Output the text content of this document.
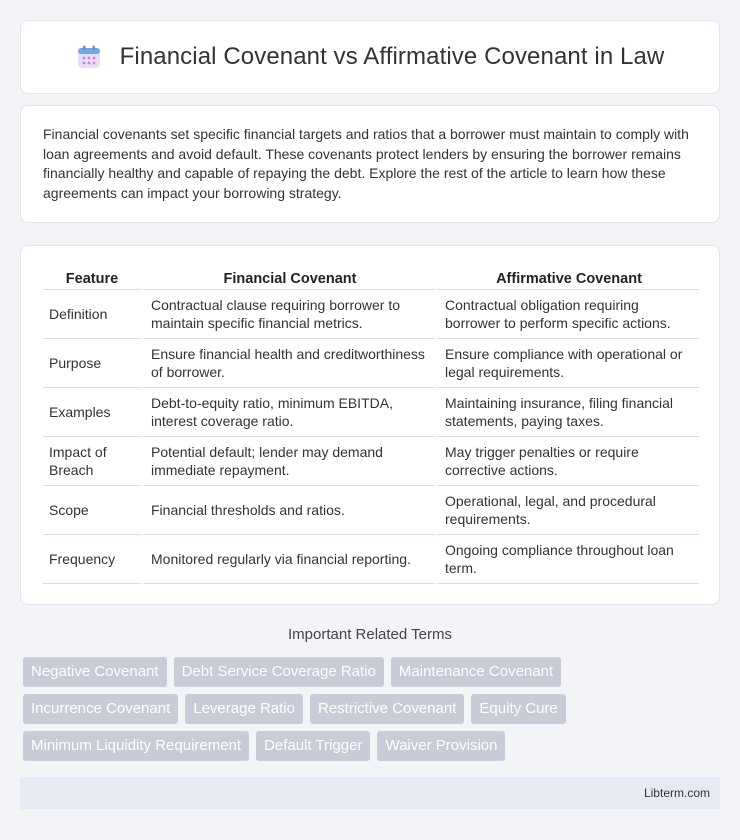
Financial Covenant vs Affirmative Covenant in Law

Financial covenants set specific financial targets and ratios that a borrower must maintain to comply with loan agreements and avoid default. These covenants protect lenders by ensuring the borrower remains financially healthy and capable of repaying the debt. Explore the rest of the article to learn how these agreements can impact your borrowing strategy.

Feature	Financial Covenant	Affirmative Covenant
Definition	Contractual clause requiring borrower to maintain specific financial metrics.	Contractual obligation requiring borrower to perform specific actions.
Purpose	Ensure financial health and creditworthiness of borrower.	Ensure compliance with operational or legal requirements.
Examples	Debt-to-equity ratio, minimum EBITDA, interest coverage ratio.	Maintaining insurance, filing financial statements, paying taxes.
Impact of Breach	Potential default; lender may demand immediate repayment.	May trigger penalties or require corrective actions.
Scope	Financial thresholds and ratios.	Operational, legal, and procedural requirements.
Frequency	Monitored regularly via financial reporting.	Ongoing compliance throughout loan term.
Important Related Terms
Negative Covenant	Debt Service Coverage Ratio	Maintenance Covenant
Incurrence Covenant	Leverage Ratio	Restrictive Covenant	Equity Cure
Minimum Liquidity Requirement	Default Trigger	Waiver Provision
Libterm.com
